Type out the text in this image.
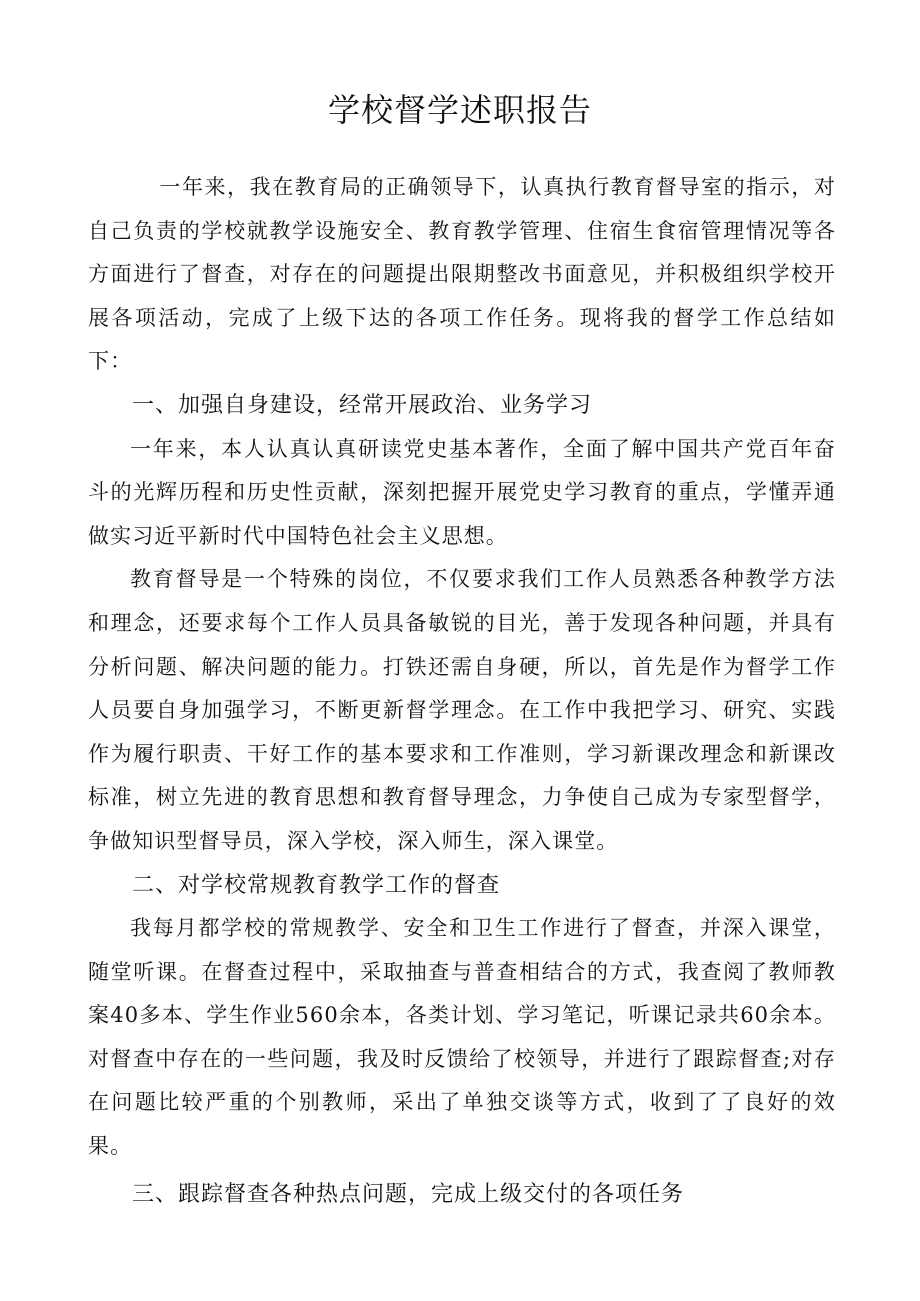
学校督学述职报告

一年来，我在教育局的正确领导下，认真执行教育督导室的指示，对自己负责的学校就教学设施安全、教育教学管理、住宿生食宿管理情况等各方面进行了督查，对存在的问题提出限期整改书面意见，并积极组织学校开展各项活动，完成了上级下达的各项工作任务。现将我的督学工作总结如下：

一、加强自身建设，经常开展政治、业务学习

一年来，本人认真认真研读党史基本著作，全面了解中国共产党百年奋斗的光辉历程和历史性贡献，深刻把握开展党史学习教育的重点，学懂弄通做实习近平新时代中国特色社会主义思想。

教育督导是一个特殊的岗位，不仅要求我们工作人员熟悉各种教学方法和理念，还要求每个工作人员具备敏锐的目光，善于发现各种问题，并具有分析问题、解决问题的能力。打铁还需自身硬，所以，首先是作为督学工作人员要自身加强学习，不断更新督学理念。在工作中我把学习、研究、实践作为履行职责、干好工作的基本要求和工作准则，学习新课改理念和新课改标准，树立先进的教育思想和教育督导理念，力争使自己成为专家型督学，争做知识型督导员，深入学校，深入师生，深入课堂。

二、对学校常规教育教学工作的督查

我每月都学校的常规教学、安全和卫生工作进行了督查，并深入课堂，随堂听课。在督查过程中，采取抽查与普查相结合的方式，我查阅了教师教案40多本、学生作业560余本，各类计划、学习笔记，听课记录共60余本。对督查中存在的一些问题，我及时反馈给了校领导，并进行了跟踪督查;对存在问题比较严重的个别教师，采出了单独交谈等方式，收到了了良好的效果。

三、跟踪督查各种热点问题，完成上级交付的各项任务
